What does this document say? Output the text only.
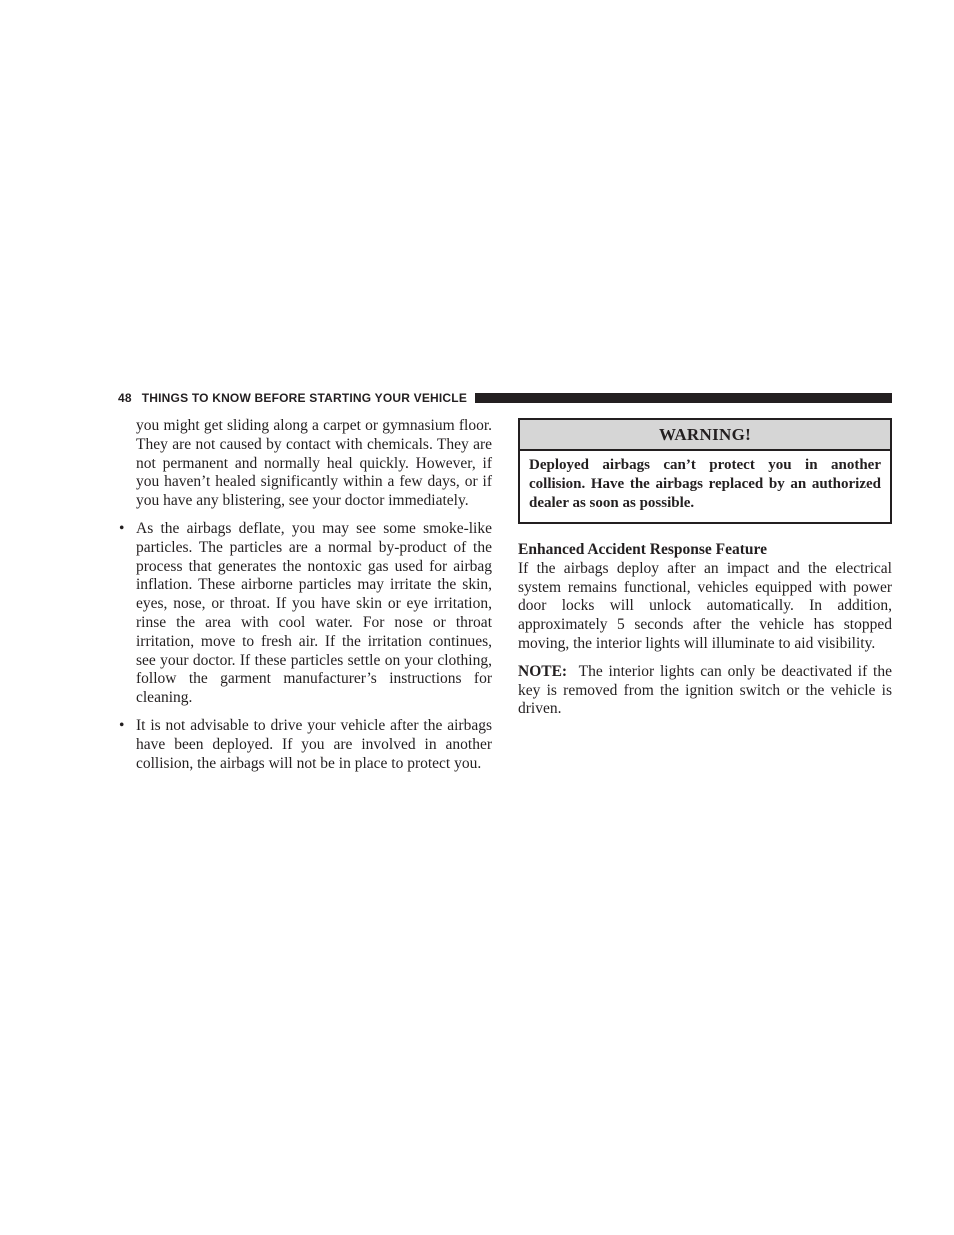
48 THINGS TO KNOW BEFORE STARTING YOUR VEHICLE

you might get sliding along a carpet or gymnasium floor. They are not caused by contact with chemicals. They are not permanent and normally heal quickly. However, if you haven’t healed significantly within a few days, or if you have any blistering, see your doctor immediately.

• As the airbags deflate, you may see some smoke-like particles. The particles are a normal by-product of the process that generates the nontoxic gas used for airbag inflation. These airborne particles may irritate the skin, eyes, nose, or throat. If you have skin or eye irritation, rinse the area with cool water. For nose or throat irritation, move to fresh air. If the irritation continues, see your doctor. If these particles settle on your clothing, follow the garment manufacturer’s instructions for cleaning.
• It is not advisable to drive your vehicle after the airbags have been deployed. If you are involved in another collision, the airbags will not be in place to protect you.
WARNING!
Deployed airbags can’t protect you in another collision. Have the airbags replaced by an authorized dealer as soon as possible.
Enhanced Accident Response Feature
If the airbags deploy after an impact and the electrical system remains functional, vehicles equipped with power door locks will unlock automatically. In addition, approximately 5 seconds after the vehicle has stopped moving, the interior lights will illuminate to aid visibility.
NOTE: The interior lights can only be deactivated if the key is removed from the ignition switch or the vehicle is driven.
